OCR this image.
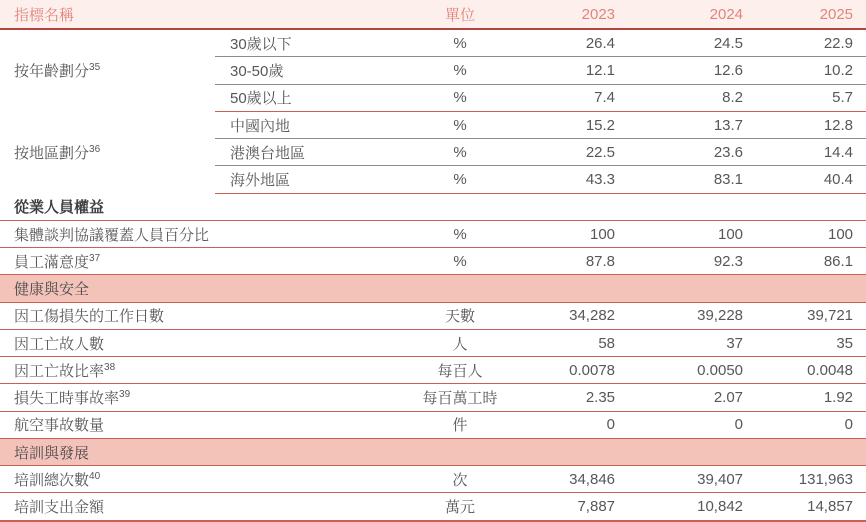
指標名稱		單位	2023	2024	2025
按年齡劃分$^{35}$	30歲以下	%	26.4	24.5	22.9
	30-50歲	%	12.1	12.6	10.2
	50歲以上	%	7.4	8.2	5.7
按地區劃分$^{36}$	中國內地	%	15.2	13.7	12.8
	港澳台地區	%	22.5	23.6	14.4
	海外地區	%	43.3	83.1	40.4
從業人員權益					
集體談判協議覆蓋人員百分比		%	100	100	100
員工滿意度$^{37}$		%	87.8	92.3	86.1
健康與安全					
因工傷損失的工作日數		天數	34,282	39,228	39,721
因工亡故人數		人	58	37	35
因工亡故比率$^{38}$		每百人	0.0078	0.0050	0.0048
損失工時事故率$^{39}$		每百萬工時	2.35	2.07	1.92
航空事故數量		件	0	0	0
培訓與發展					
培訓總次數$^{40}$		次	34,846	39,407	131,963
培訓支出金額		萬元	7,887	10,842	14,857
